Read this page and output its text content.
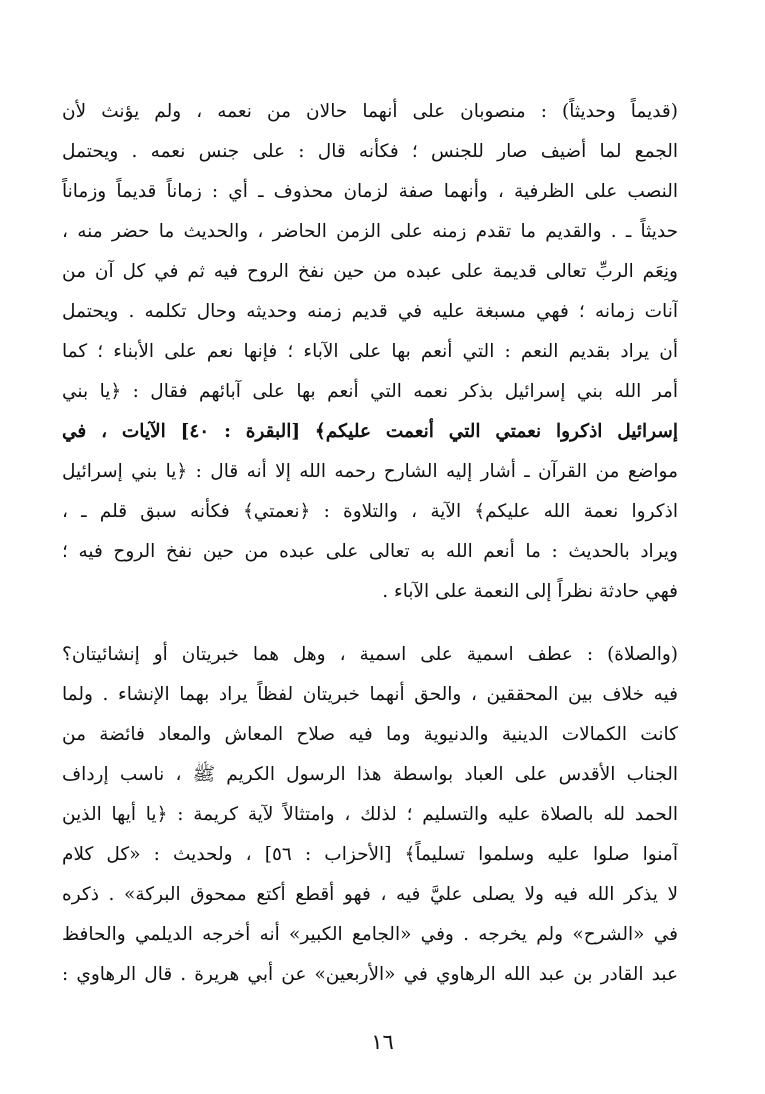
(قديماً وحديثاً) : منصوبان على أنهما حالان من نعمه ، ولم يؤنث لأن
الجمع لما أضيف صار للجنس ؛ فكأنه قال : على جنس نعمه . ويحتمل
النصب على الظرفية ، وأنهما صفة لزمان محذوف ـ أي : زماناً قديماً وزماناً
حديثاً ـ . والقديم ما تقدم زمنه على الزمن الحاضر ، والحديث ما حضر منه ،
ونِعَم الربِّ تعالى قديمة على عبده من حين نفخ الروح فيه ثم في كل آن من
آنات زمانه ؛ فهي مسبغة عليه في قديم زمنه وحديثه وحال تكلمه . ويحتمل
أن يراد بقديم النعم : التي أنعم بها على الآباء ؛ فإنها نعم على الأبناء ؛ كما
أمر الله بني إسرائيل بذكر نعمه التي أنعم بها على آبائهم فقال : ﴿يا بني
إسرائيل اذكروا نعمتي التي أنعمت عليكم﴾ [البقرة : ٤٠] الآيات ، في
مواضع من القرآن ـ أشار إليه الشارح رحمه الله إلا أنه قال : ﴿يا بني إسرائيل
اذكروا نعمة الله عليكم﴾ الآية ، والتلاوة : ﴿نعمتي﴾ فكأنه سبق قلم ـ ،
ويراد بالحديث : ما أنعم الله به تعالى على عبده من حين نفخ الروح فيه ؛
فهي حادثة نظراً إلى النعمة على الآباء .
(والصلاة) : عطف اسمية على اسمية ، وهل هما خبريتان أو إنشائيتان؟
فيه خلاف بين المحققين ، والحق أنهما خبريتان لفظاً يراد بهما الإنشاء . ولما
كانت الكمالات الدينية والدنيوية وما فيه صلاح المعاش والمعاد فائضة من
الجناب الأقدس على العباد بواسطة هذا الرسول الكريم ﷺ ، ناسب إرداف
الحمد لله بالصلاة عليه والتسليم ؛ لذلك ، وامتثالاً لآية كريمة : ﴿يا أيها الذين
آمنوا صلوا عليه وسلموا تسليماً﴾ [الأحزاب : ٥٦] ، ولحديث : «كل كلام
لا يذكر الله فيه ولا يصلى عليَّ فيه ، فهو أقطع أكتع ممحوق البركة» . ذكره
في «الشرح» ولم يخرجه . وفي «الجامع الكبير» أنه أخرجه الديلمي والحافظ
عبد القادر بن عبد الله الرهاوي في «الأربعين» عن أبي هريرة . قال الرهاوي :
١٦
